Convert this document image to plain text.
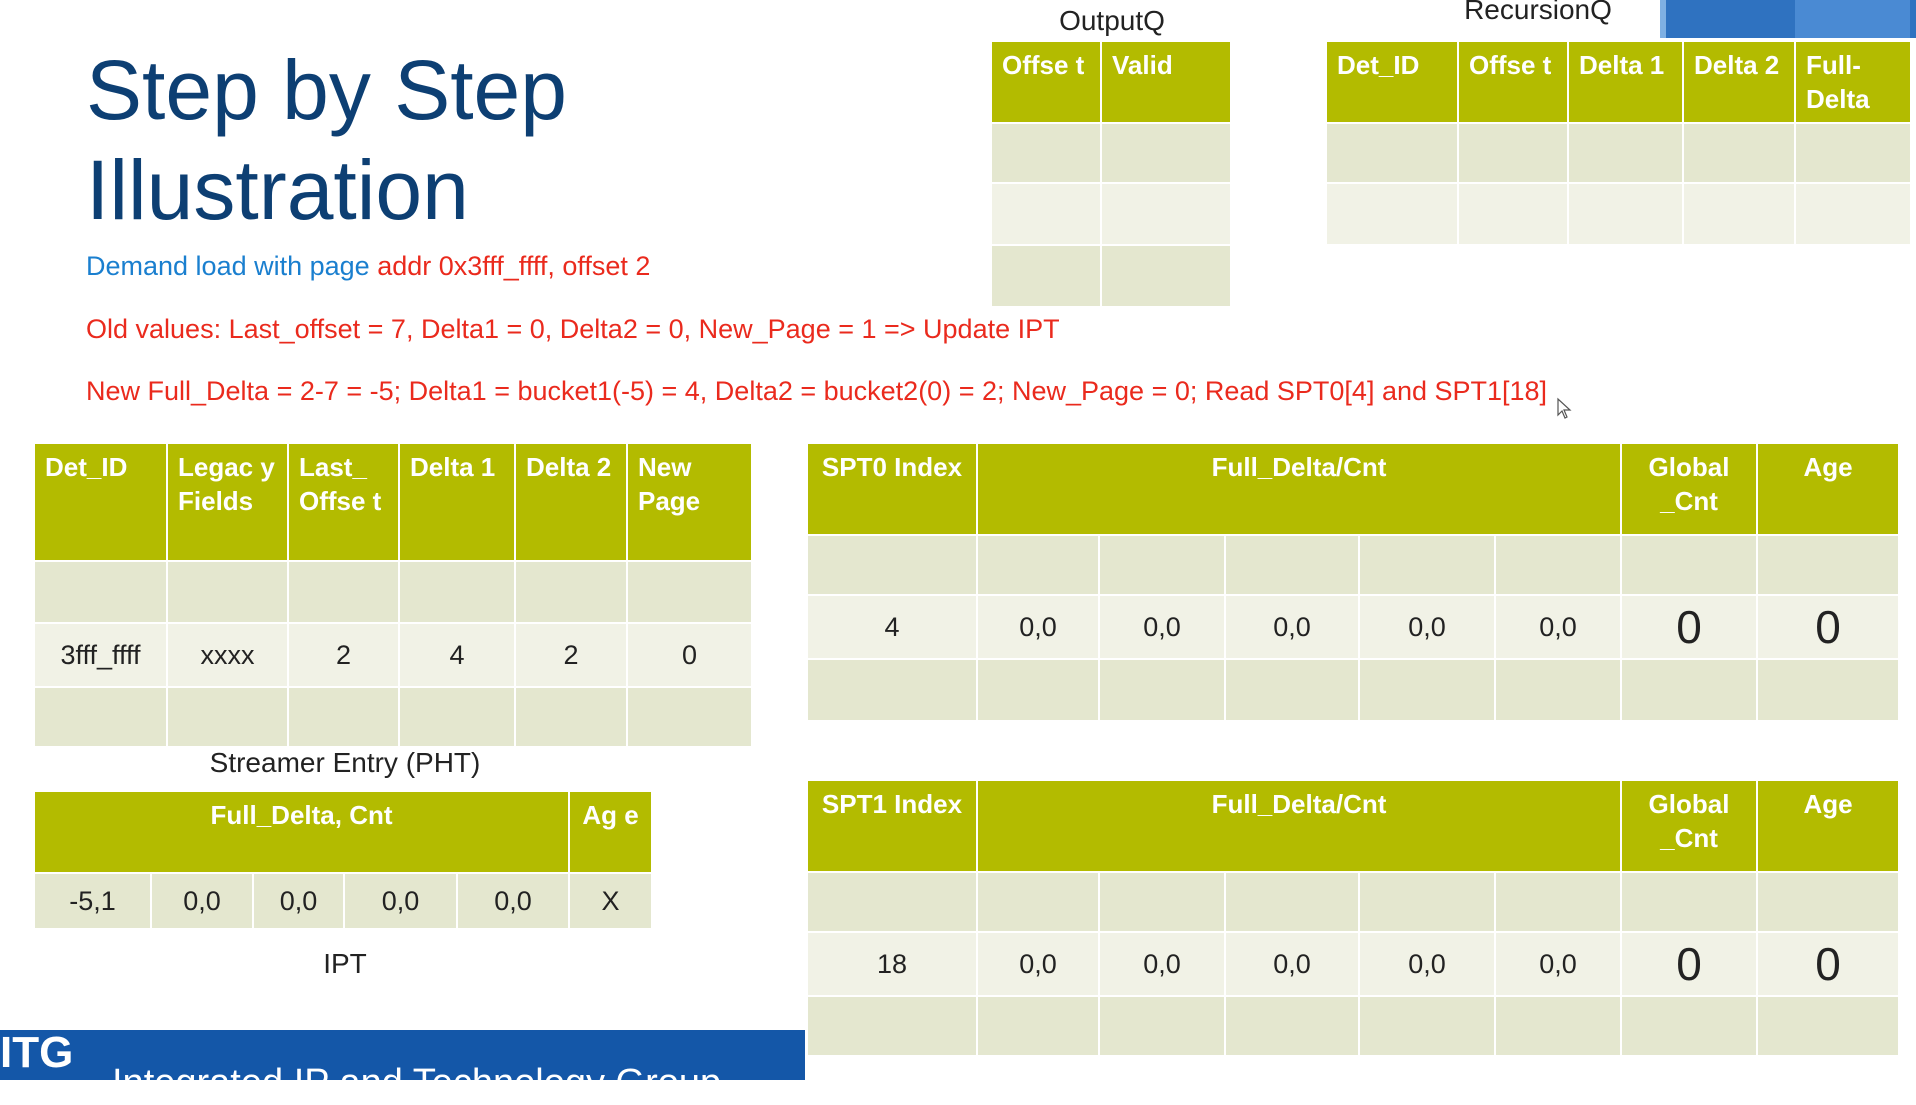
Step by Step
Illustration
Demand load with page addr 0x3fff_ffff, offset 2
Old values: Last_offset = 7, Delta1 = 0, Delta2 = 0, New_Page = 1 => Update IPT
New Full_Delta = 2-7 = -5; Delta1 = bucket1(-5) = 4, Delta2 = bucket2(0) = 2; New_Page = 0; Read SPT0[4] and SPT1[18]
OutputQ
Offse t	Valid

RecursionQ
Det_ID	Offse t	Delta 1	Delta 2	Full- Delta

Det_ID	Legac y Fields	Last_ Offse t	Delta 1	Delta 2	New Page

3fff_ffff	xxxx	2	4	2	0

Streamer Entry (PHT)
Full_Delta, Cnt					Ag e
-5,1	0,0	0,0	0,0	0,0	X
IPT
SPT0 Index	Full_Delta/Cnt					Global _Cnt	Age

4	0,0	0,0	0,0	0,0	0,0	0	0

SPT1 Index	Full_Delta/Cnt					Global _Cnt	Age

18	0,0	0,0	0,0	0,0	0,0	0	0

ITG
Integrated IP and Technology Group
